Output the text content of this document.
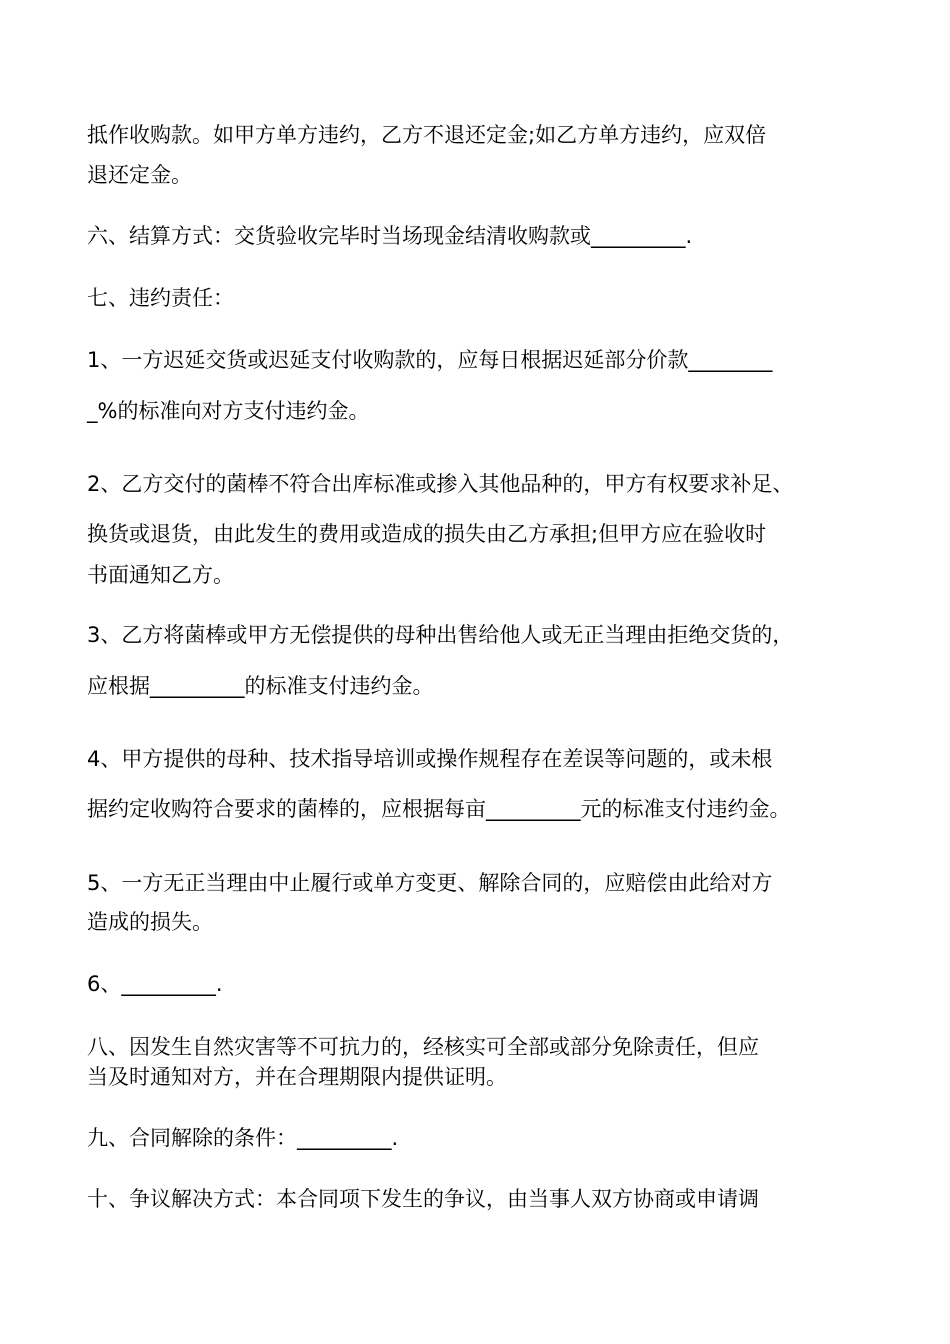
抵作收购款。如甲方单方违约，乙方不退还定金;如乙方单方违约，应双倍

退还定金。

六、结算方式：交货验收完毕时当场现金结清收购款或_________.

七、违约责任：

1、一方迟延交货或迟延支付收购款的，应每日根据迟延部分价款________

_%的标准向对方支付违约金。

2、乙方交付的菌棒不符合出库标准或掺入其他品种的，甲方有权要求补足、

换货或退货，由此发生的费用或造成的损失由乙方承担;但甲方应在验收时

书面通知乙方。

3、乙方将菌棒或甲方无偿提供的母种出售给他人或无正当理由拒绝交货的，

应根据_________的标准支付违约金。

4、甲方提供的母种、技术指导培训或操作规程存在差误等问题的，或未根

据约定收购符合要求的菌棒的，应根据每亩_________元的标准支付违约金。

5、一方无正当理由中止履行或单方变更、解除合同的，应赔偿由此给对方

造成的损失。

6、_________.

八、因发生自然灾害等不可抗力的，经核实可全部或部分免除责任，但应

当及时通知对方，并在合理期限内提供证明。

九、合同解除的条件：_________.

十、争议解决方式：本合同项下发生的争议，由当事人双方协商或申请调
